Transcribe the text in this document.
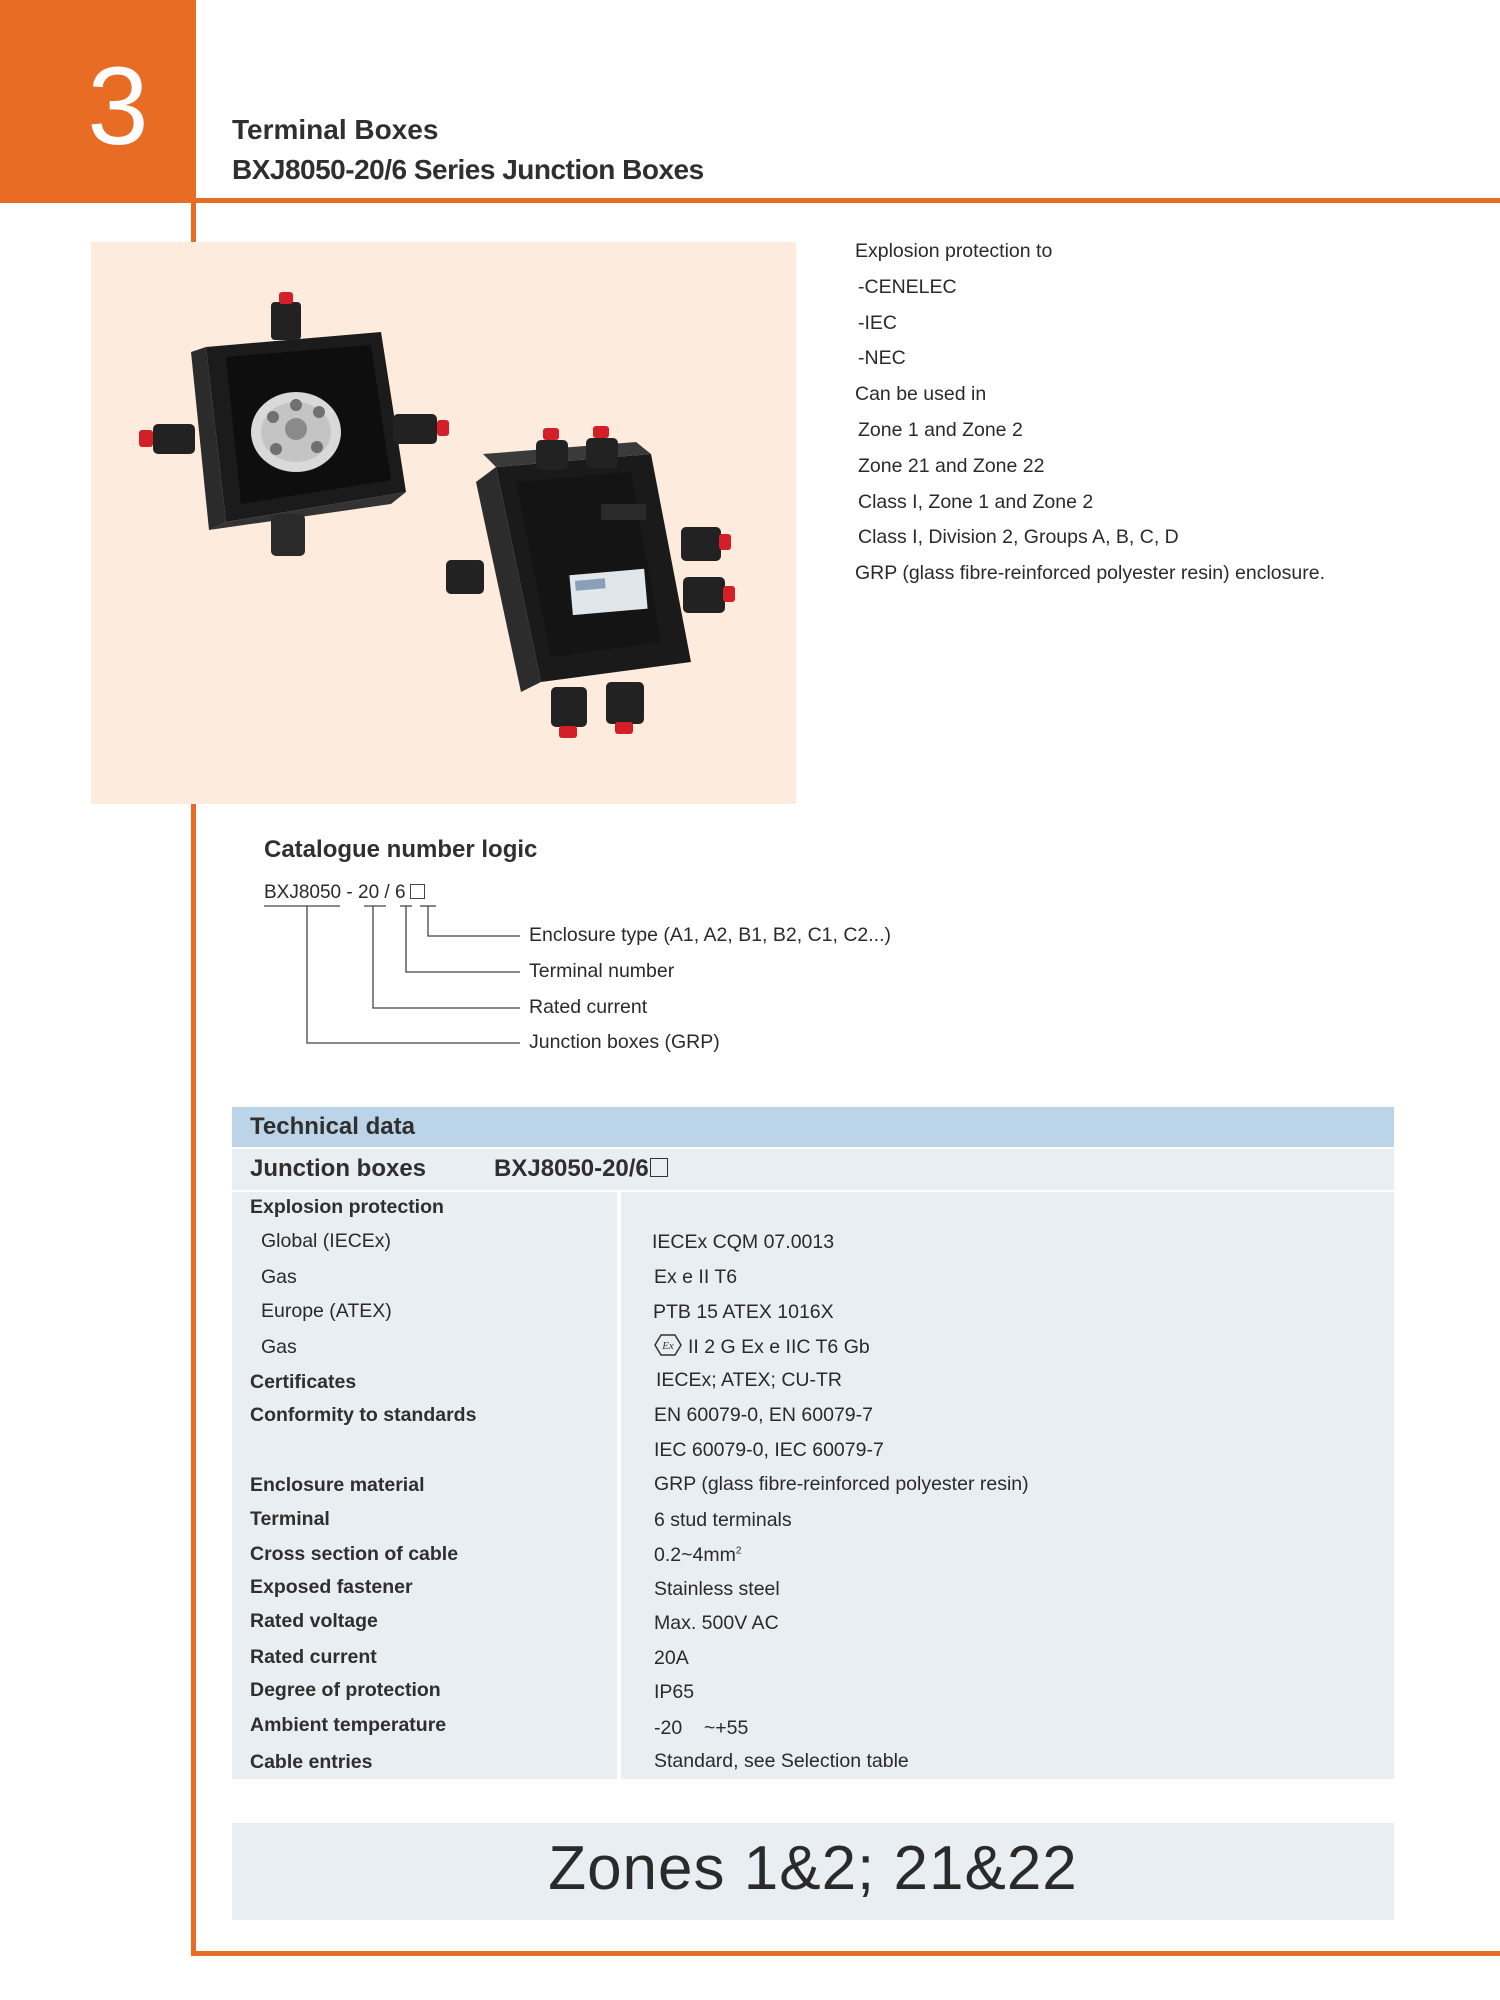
3	Terminal Boxes
BXJ8050-20/6 Series Junction Boxes
Explosion protection to
-CENELEC
-IEC
-NEC
Can be used in
Zone 1 and Zone 2
Zone 21 and Zone 22
Class I, Zone 1 and Zone 2
Class I, Division 2, Groups A, B, C, D
GRP (glass fibre-reinforced polyester resin) enclosure.
Catalogue number logic
BXJ8050 - 20 / 6
Enclosure type (A1, A2, B1, B2, C1, C2...)
Terminal number
Rated current
Junction boxes (GRP)
Technical data
Junction boxes	BXJ8050-20/6
Explosion protection
Global (IECEx)
Gas
Europe (ATEX)
Gas
Certificates
Conformity to standards
Enclosure material
Terminal
Cross section of cable
Exposed fastener
Rated voltage
Rated current
Degree of protection
Ambient temperature
Cable entries
IECEx CQM 07.0013
Ex e II T6
PTB 15 ATEX 1016X
Ex II 2 G Ex e IIC T6 Gb
IECEx; ATEX; CU-TR
EN 60079-0, EN 60079-7
IEC 60079-0, IEC 60079-7
GRP (glass fibre-reinforced polyester resin)
6 stud terminals
$0.2\sim 4mm^2$
Stainless steel
Max. 500V AC
20A
IP65
-20    ~+55
Standard, see Selection table
Zones 1&2; 21&22
